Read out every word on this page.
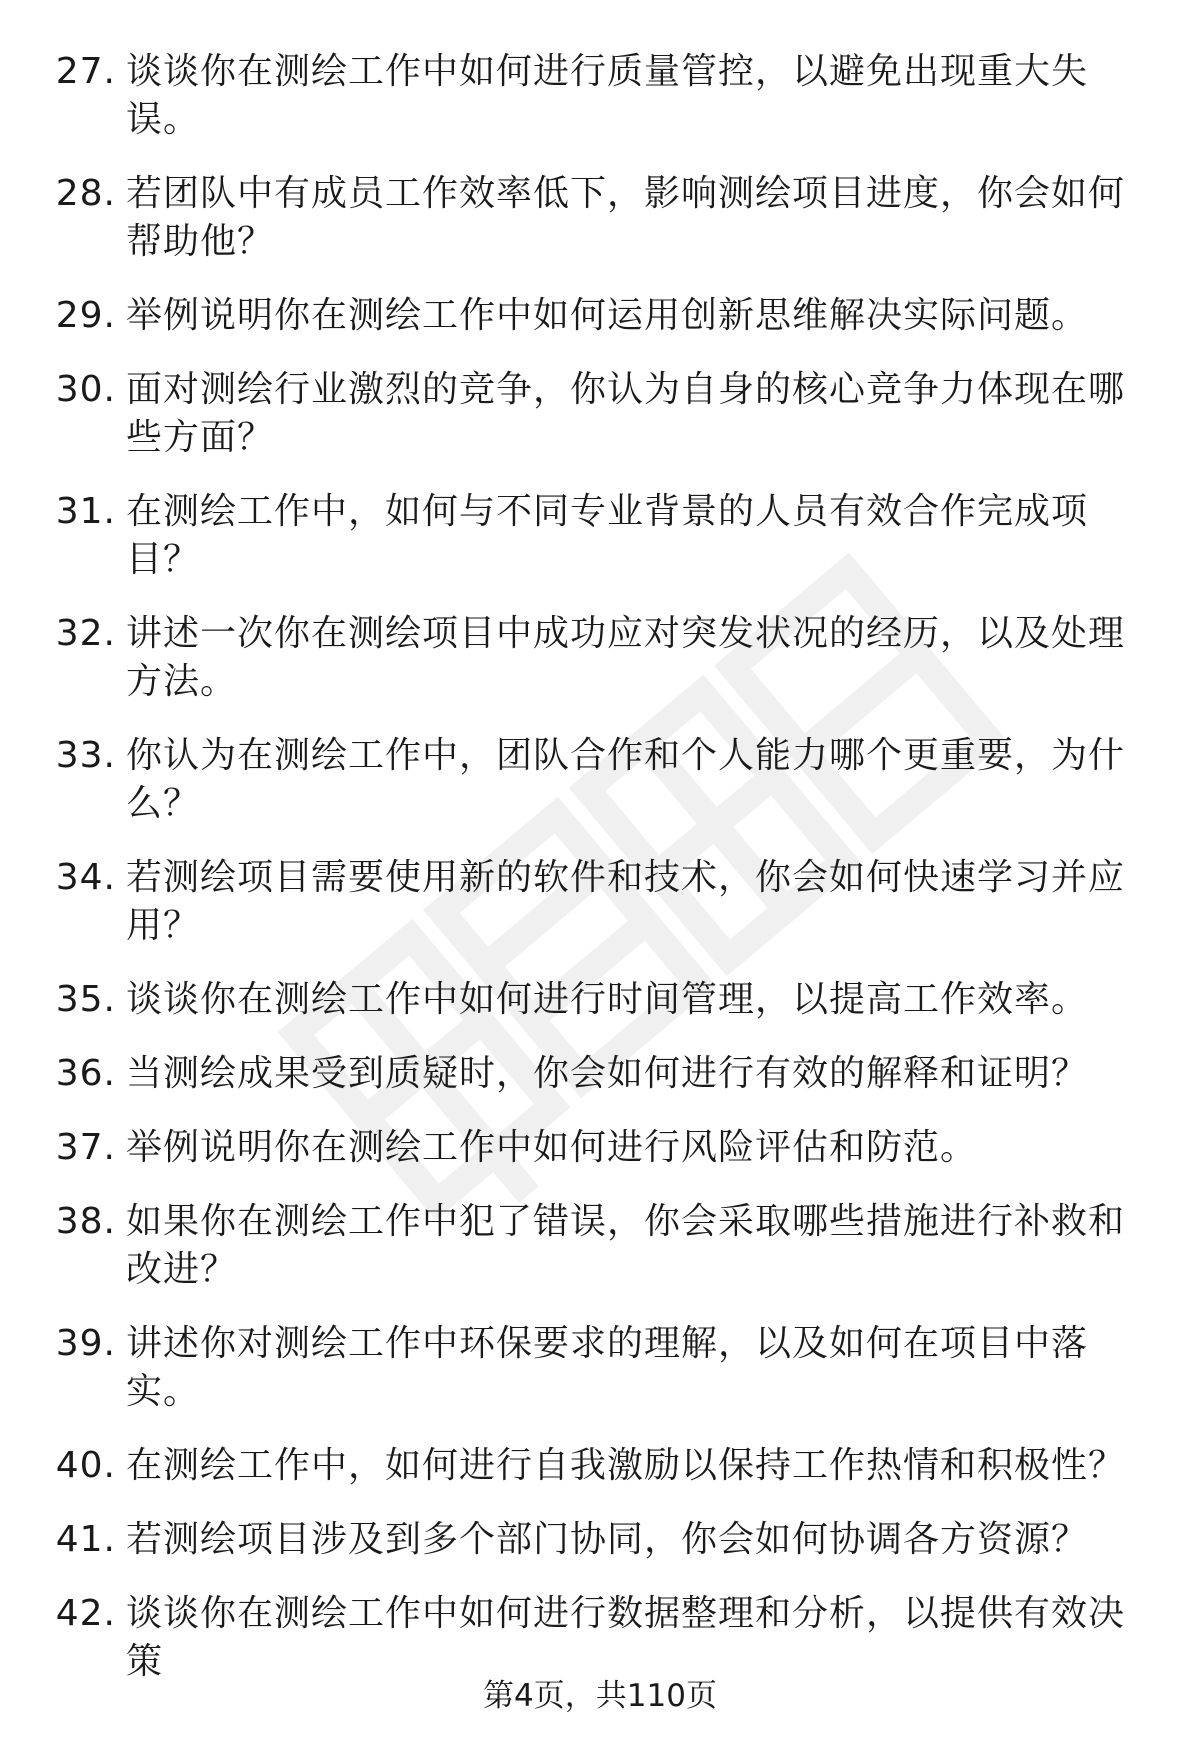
27. 谈谈你在测绘工作中如何进行质量管控，以避免出现重大失误。
28. 若团队中有成员工作效率低下，影响测绘项目进度，你会如何帮助他？
29. 举例说明你在测绘工作中如何运用创新思维解决实际问题。
30. 面对测绘行业激烈的竞争，你认为自身的核心竞争力体现在哪些方面？
31. 在测绘工作中，如何与不同专业背景的人员有效合作完成项目？
32. 讲述一次你在测绘项目中成功应对突发状况的经历，以及处理方法。
33. 你认为在测绘工作中，团队合作和个人能力哪个更重要，为什么？
34. 若测绘项目需要使用新的软件和技术，你会如何快速学习并应用？
35. 谈谈你在测绘工作中如何进行时间管理，以提高工作效率。
36. 当测绘成果受到质疑时，你会如何进行有效的解释和证明？
37. 举例说明你在测绘工作中如何进行风险评估和防范。
38. 如果你在测绘工作中犯了错误，你会采取哪些措施进行补救和改进？
39. 讲述你对测绘工作中环保要求的理解，以及如何在项目中落实。
40. 在测绘工作中，如何进行自我激励以保持工作热情和积极性？
41. 若测绘项目涉及到多个部门协同，你会如何协调各方资源？
42. 谈谈你在测绘工作中如何进行数据整理和分析，以提供有效决策
第4页，共110页
